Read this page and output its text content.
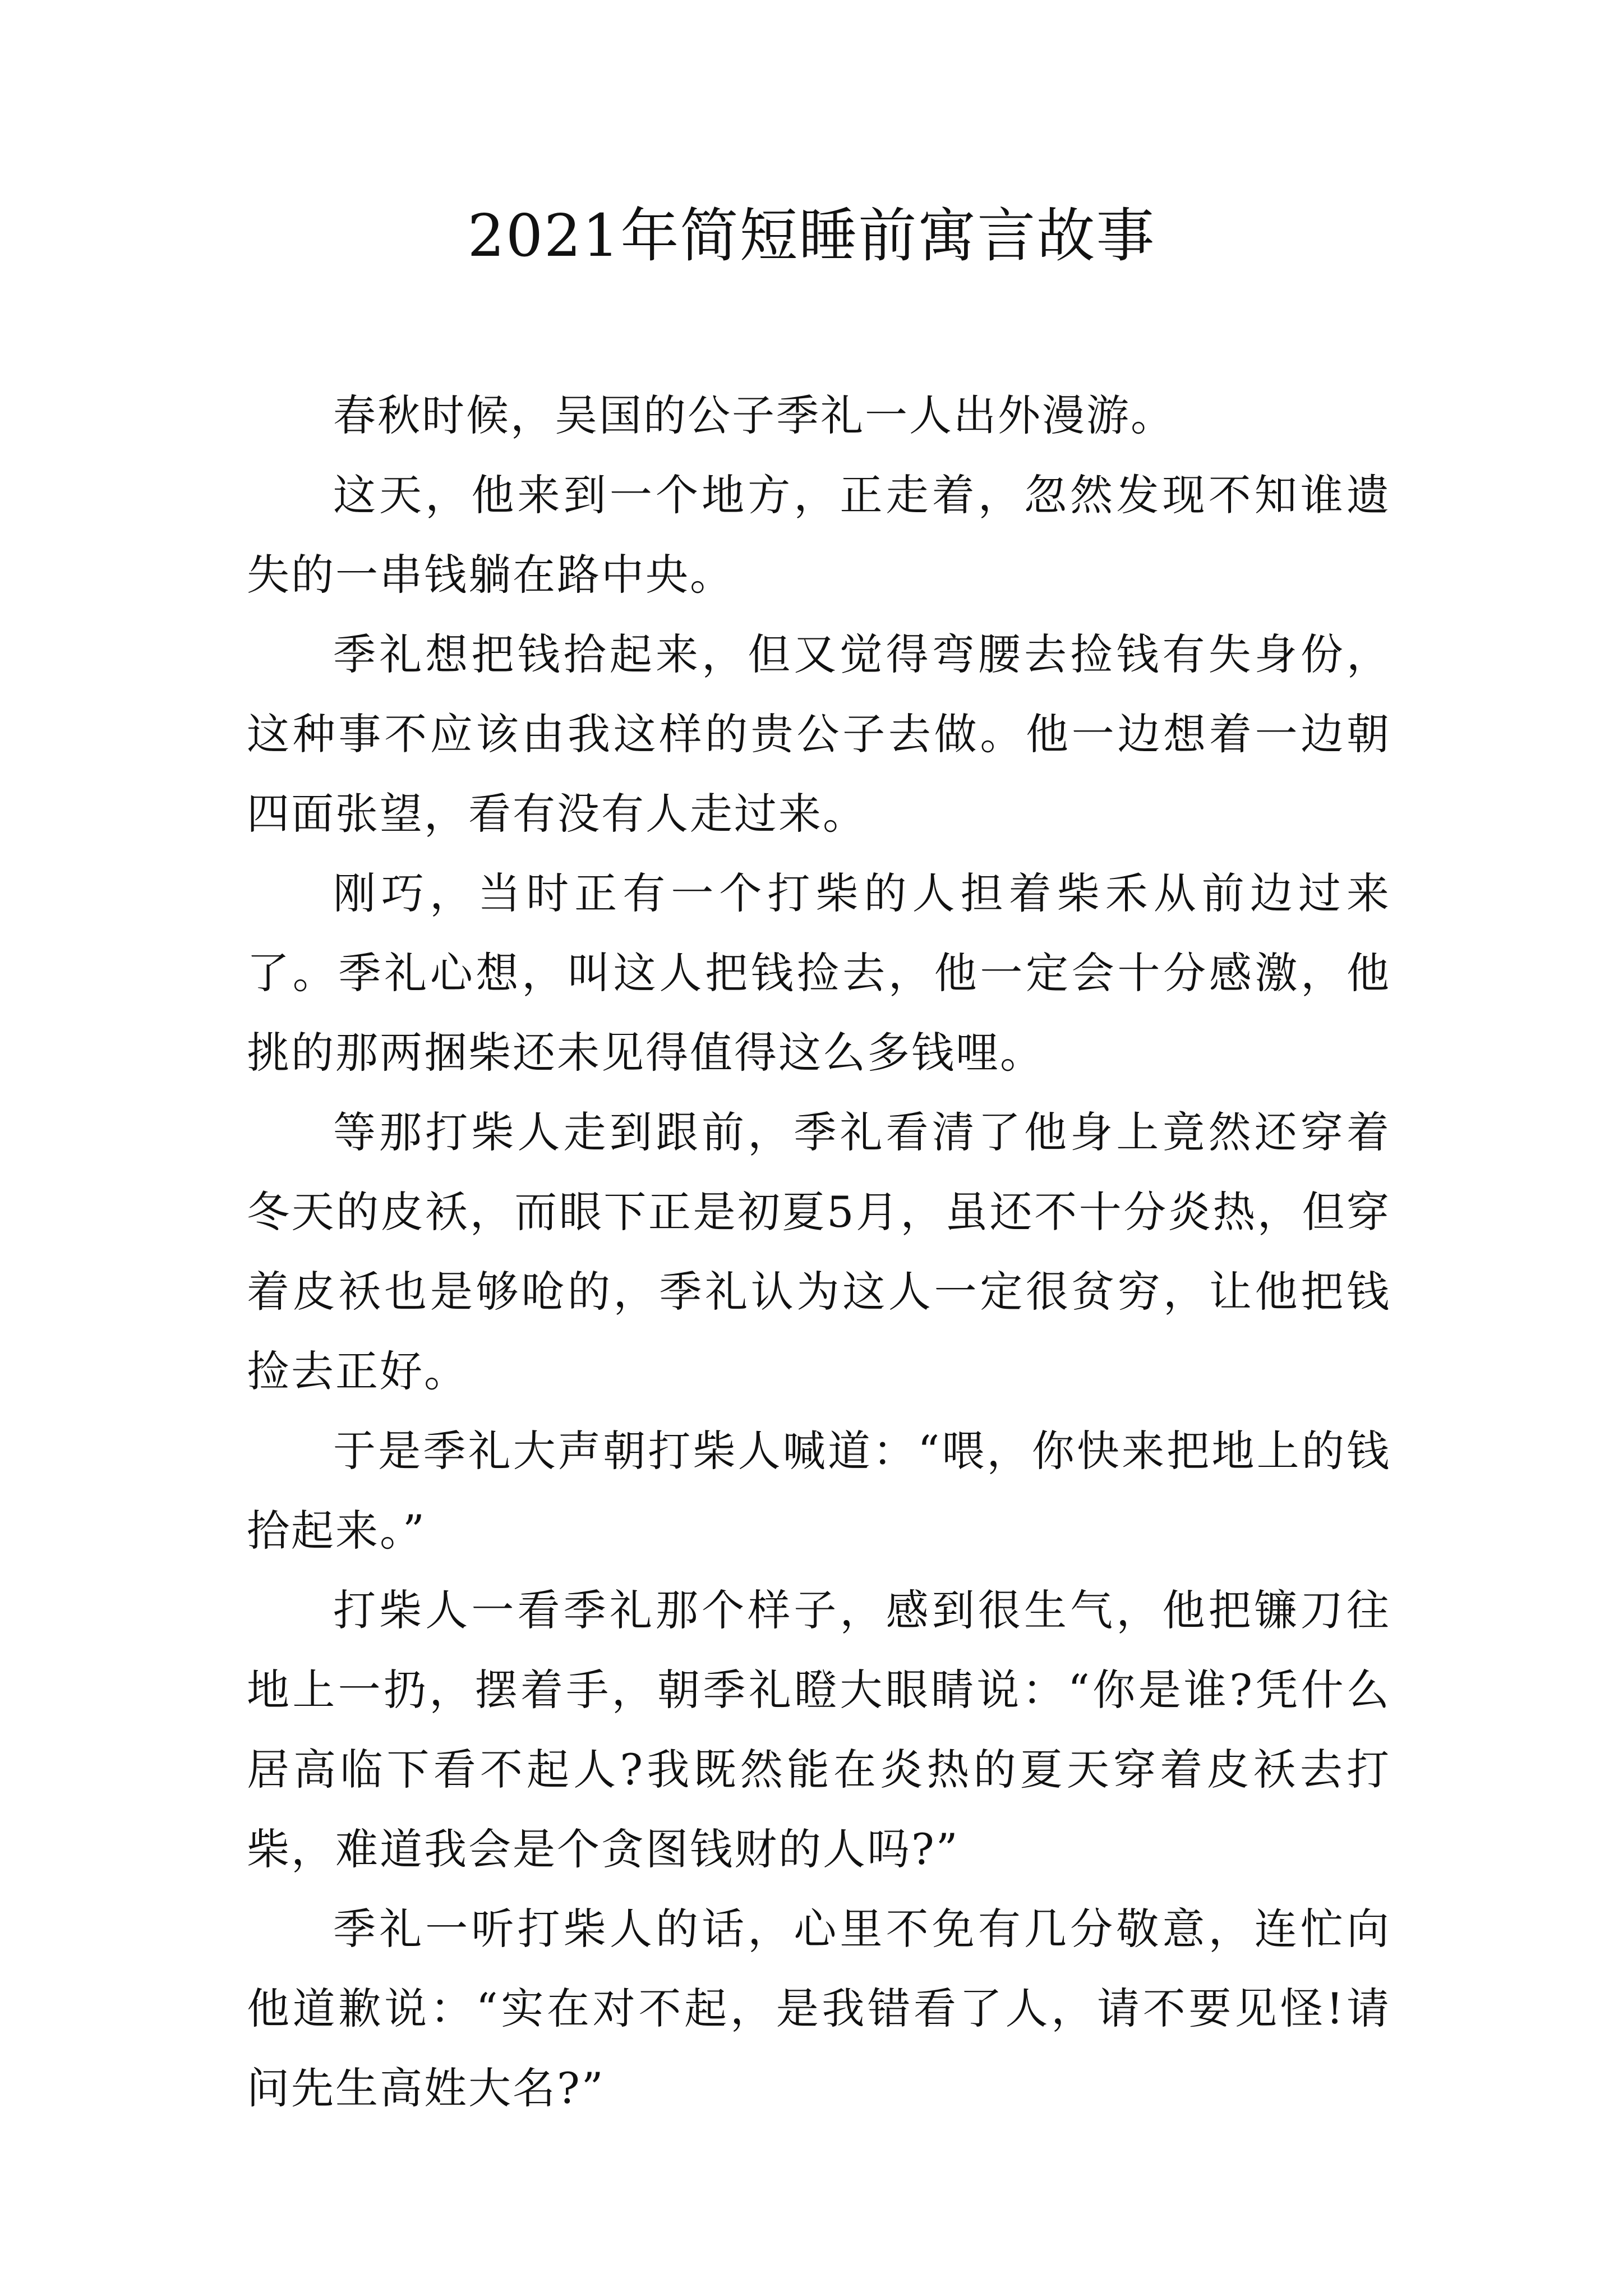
2021年简短睡前寓言故事

春秋时候，吴国的公子季礼一人出外漫游。

这天，他来到一个地方，正走着，忽然发现不知谁遗失的一串钱躺在路中央。

季礼想把钱拾起来，但又觉得弯腰去捡钱有失身份，这种事不应该由我这样的贵公子去做。他一边想着一边朝四面张望，看有没有人走过来。

刚巧，当时正有一个打柴的人担着柴禾从前边过来了。季礼心想，叫这人把钱捡去，他一定会十分感激，他挑的那两捆柴还未见得值得这么多钱哩。

等那打柴人走到跟前，季礼看清了他身上竟然还穿着冬天的皮袄，而眼下正是初夏5月，虽还不十分炎热，但穿着皮袄也是够呛的，季礼认为这人一定很贫穷，让他把钱捡去正好。

于是季礼大声朝打柴人喊道：“喂，你快来把地上的钱拾起来。”

打柴人一看季礼那个样子，感到很生气，他把镰刀往地上一扔，摆着手，朝季礼瞪大眼睛说：“你是谁?凭什么居高临下看不起人?我既然能在炎热的夏天穿着皮袄去打柴，难道我会是个贪图钱财的人吗?”

季礼一听打柴人的话，心里不免有几分敬意，连忙向他道歉说：“实在对不起，是我错看了人，请不要见怪!请问先生高姓大名?”
